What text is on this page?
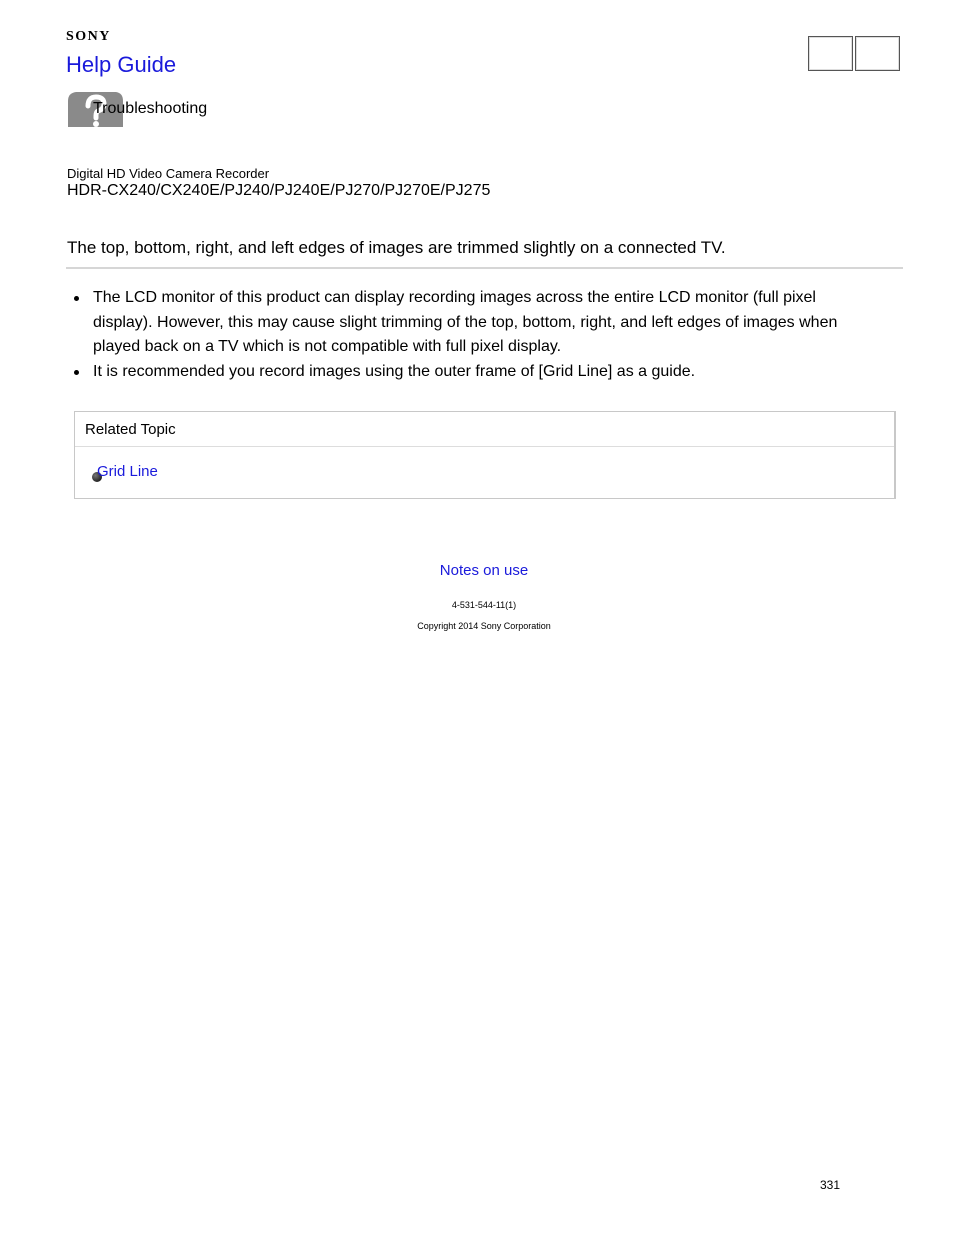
SONY
Help Guide
Troubleshooting
Digital HD Video Camera Recorder
HDR-CX240/CX240E/PJ240/PJ240E/PJ270/PJ270E/PJ275
The top, bottom, right, and left edges of images are trimmed slightly on a connected TV.
The LCD monitor of this product can display recording images across the entire LCD monitor (full pixel display). However, this may cause slight trimming of the top, bottom, right, and left edges of images when played back on a TV which is not compatible with full pixel display.
It is recommended you record images using the outer frame of [Grid Line] as a guide.
Related Topic
Grid Line
Notes on use
4-531-544-11(1)
Copyright 2014 Sony Corporation
331
